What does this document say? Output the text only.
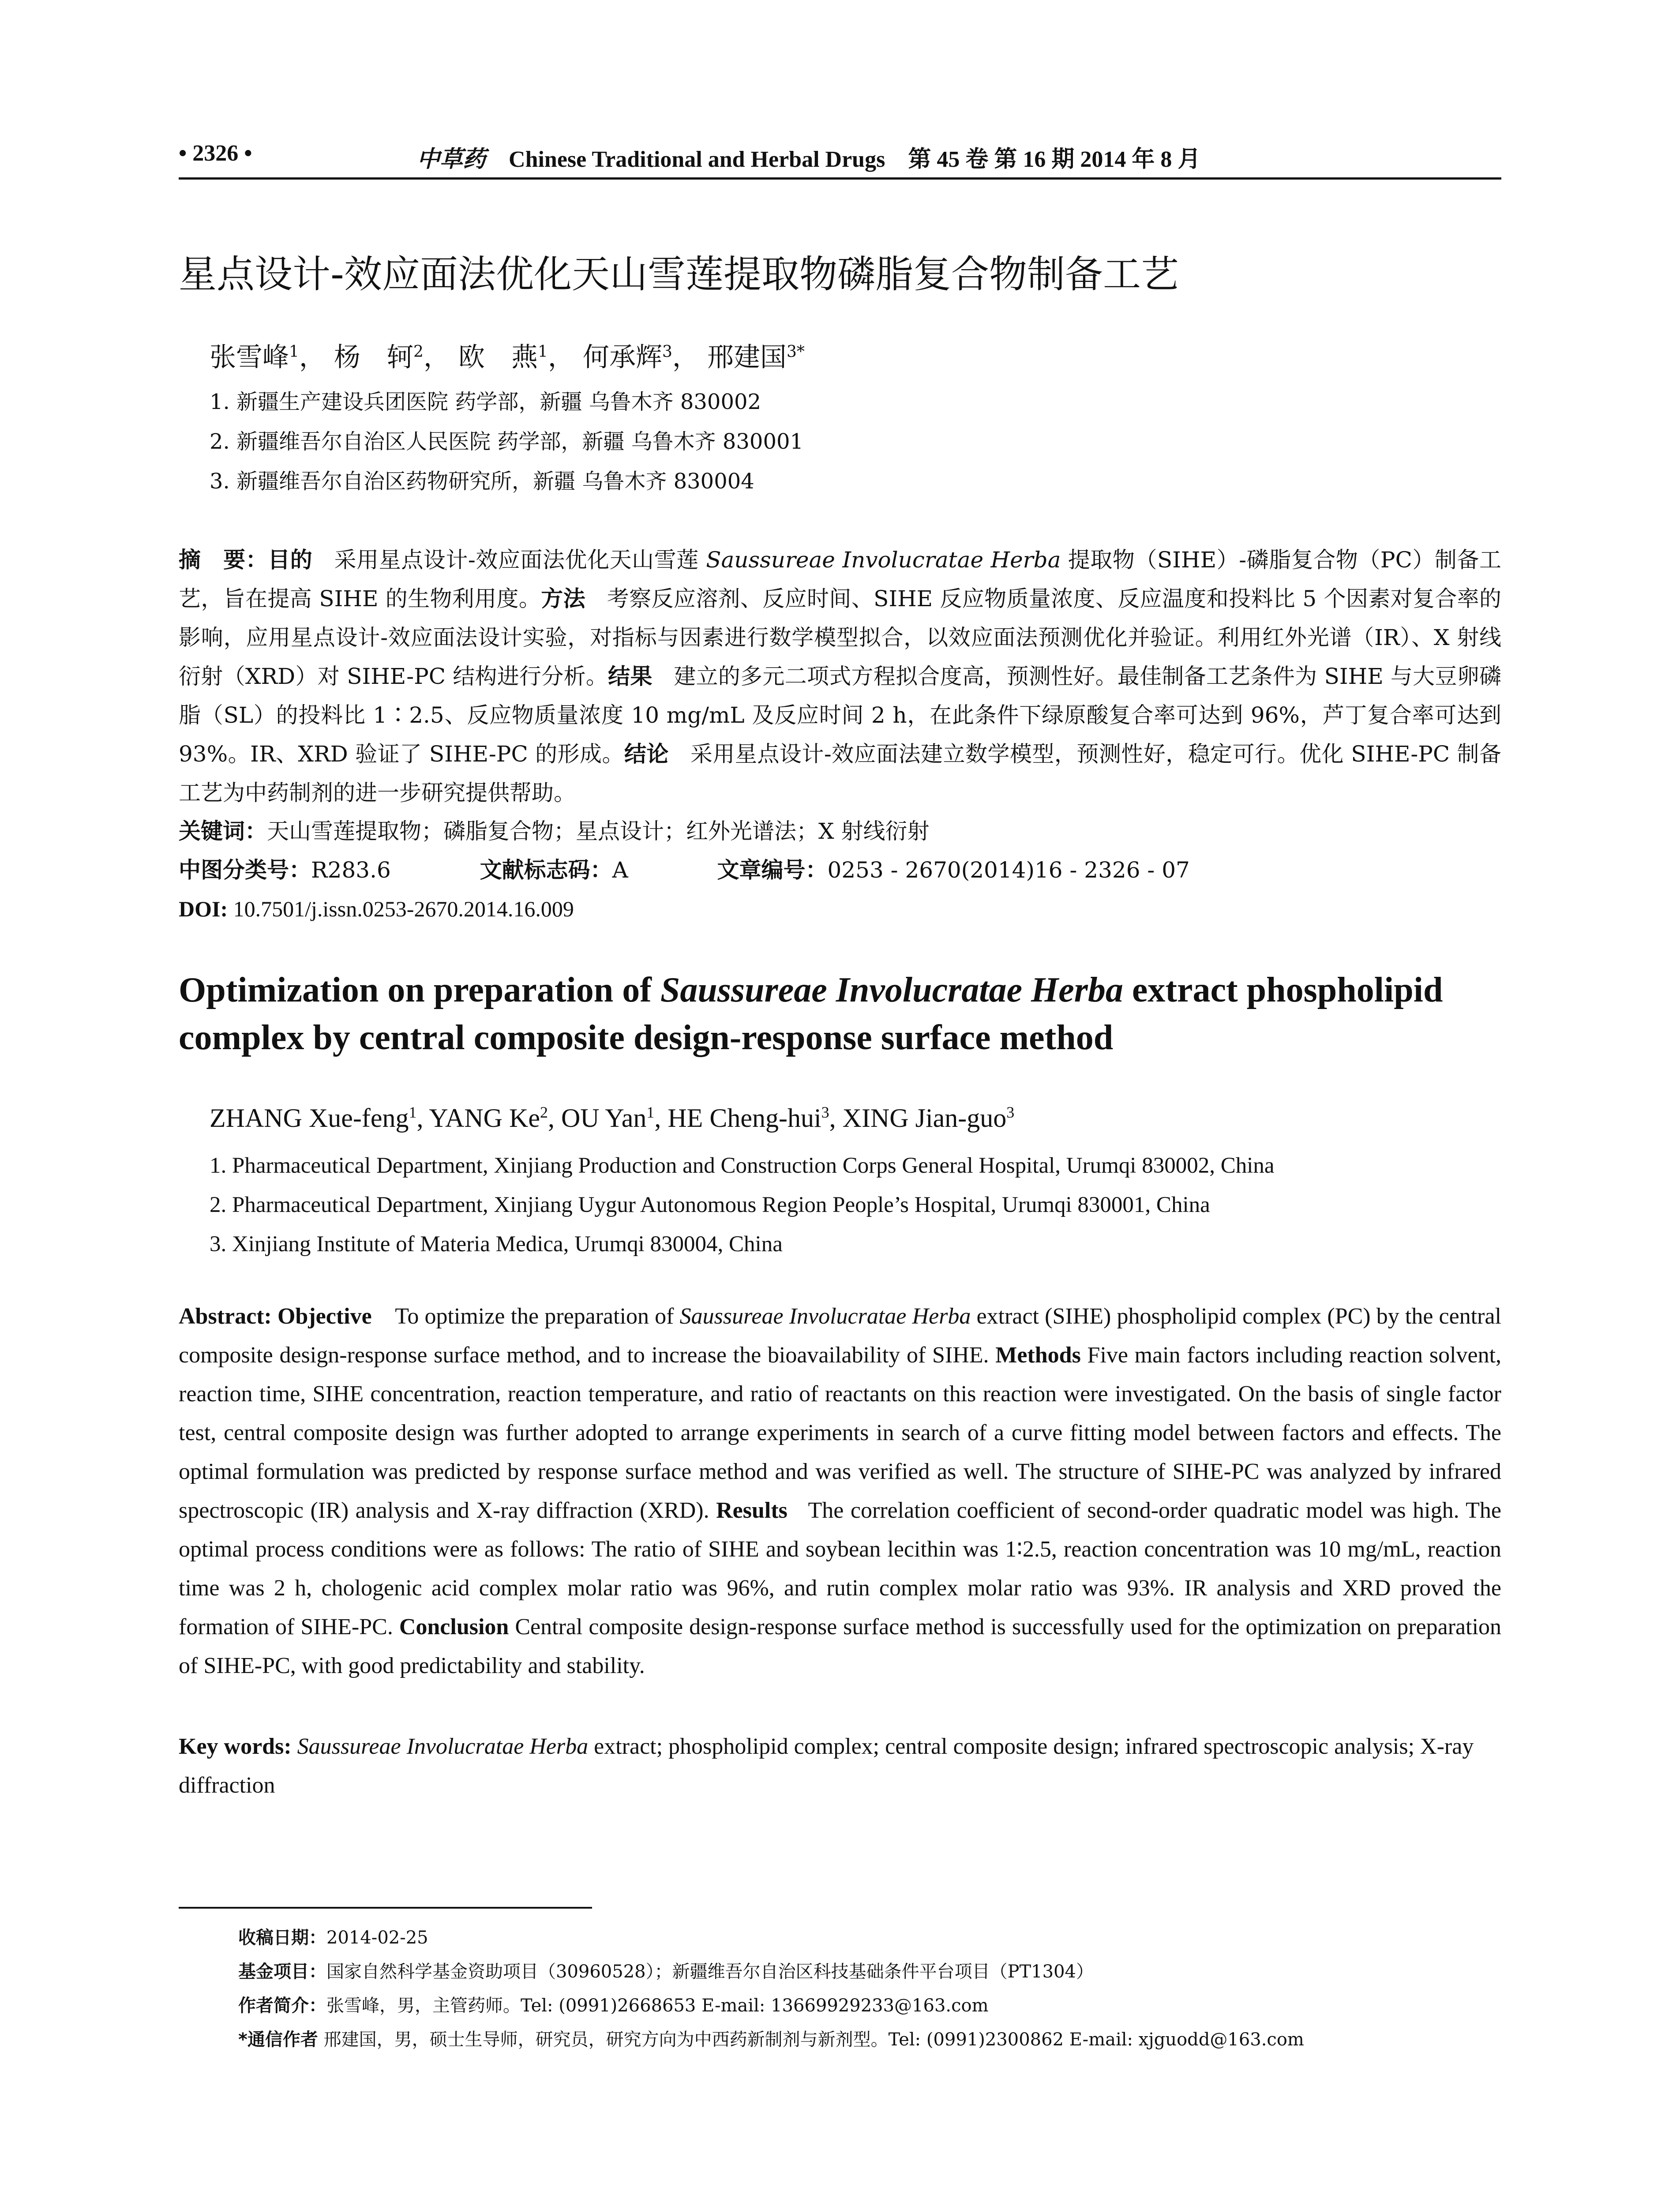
• 2326 •	中草药 Chinese Traditional and Herbal Drugs 第 45 卷 第 16 期 2014 年 8 月
星点设计-效应面法优化天山雪莲提取物磷脂复合物制备工艺
张雪峰$^1$， 杨　轲$^2$， 欧　燕$^1$， 何承辉$^3$， 邢建国$^{3*}$
1. 新疆生产建设兵团医院 药学部，新疆 乌鲁木齐 830002
2. 新疆维吾尔自治区人民医院 药学部，新疆 乌鲁木齐 830001
3. 新疆维吾尔自治区药物研究所，新疆 乌鲁木齐 830004
摘　要：目的 采用星点设计-效应面法优化天山雪莲 Saussureae Involucratae Herba 提取物（SIHE）-磷脂复合物（PC）制备工艺，旨在提高 SIHE 的生物利用度。方法 考察反应溶剂、反应时间、SIHE 反应物质量浓度、反应温度和投料比 5 个因素对复合率的影响，应用星点设计-效应面法设计实验，对指标与因素进行数学模型拟合，以效应面法预测优化并验证。利用红外光谱（IR）、X 射线衍射（XRD）对 SIHE-PC 结构进行分析。结果 建立的多元二项式方程拟合度高，预测性好。最佳制备工艺条件为 SIHE 与大豆卵磷脂（SL）的投料比 1∶2.5、反应物质量浓度 10 mg/mL 及反应时间 2 h，在此条件下绿原酸复合率可达到 96%，芦丁复合率可达到 93%。IR、XRD 验证了 SIHE-PC 的形成。结论 采用星点设计-效应面法建立数学模型，预测性好，稳定可行。优化 SIHE-PC 制备工艺为中药制剂的进一步研究提供帮助。
关键词：天山雪莲提取物；磷脂复合物；星点设计；红外光谱法；X 射线衍射
中图分类号：R283.6	文献标志码：A	文章编号：0253 - 2670(2014)16 - 2326 - 07
DOI: 10.7501/j.issn.0253-2670.2014.16.009
Optimization on preparation of Saussureae Involucratae Herba extract phospholipid complex by central composite design-response surface method
ZHANG Xue-feng$^1$, YANG Ke$^2$, OU Yan$^1$, HE Cheng-hui$^3$, XING Jian-guo$^3$
1. Pharmaceutical Department, Xinjiang Production and Construction Corps General Hospital, Urumqi 830002, China
2. Pharmaceutical Department, Xinjiang Uygur Autonomous Region People’s Hospital, Urumqi 830001, China
3. Xinjiang Institute of Materia Medica, Urumqi 830004, China
Abstract: Objective To optimize the preparation of Saussureae Involucratae Herba extract (SIHE) phospholipid complex (PC) by the central composite design-response surface method, and to increase the bioavailability of SIHE. Methods Five main factors including reaction solvent, reaction time, SIHE concentration, reaction temperature, and ratio of reactants on this reaction were investigated. On the basis of single factor test, central composite design was further adopted to arrange experiments in search of a curve fitting model between factors and effects. The optimal formulation was predicted by response surface method and was verified as well. The structure of SIHE-PC was analyzed by infrared spectroscopic (IR) analysis and X-ray diffraction (XRD). Results The correlation coefficient of second-order quadratic model was high. The optimal process conditions were as follows: The ratio of SIHE and soybean lecithin was 1∶2.5, reaction concentration was 10 mg/mL, reaction time was 2 h, chologenic acid complex molar ratio was 96%, and rutin complex molar ratio was 93%. IR analysis and XRD proved the formation of SIHE-PC. Conclusion Central composite design-response surface method is successfully used for the optimization on preparation of SIHE-PC, with good predictability and stability.
Key words: Saussureae Involucratae Herba extract; phospholipid complex; central composite design; infrared spectroscopic analysis; X-ray diffraction
收稿日期：2014-02-25
基金项目：国家自然科学基金资助项目（30960528）；新疆维吾尔自治区科技基础条件平台项目（PT1304）
作者简介：张雪峰，男，主管药师。Tel: (0991)2668653 E-mail: 13669929233@163.com
*通信作者 邢建国，男，硕士生导师，研究员，研究方向为中西药新制剂与新剂型。Tel: (0991)2300862 E-mail: xjguodd@163.com
